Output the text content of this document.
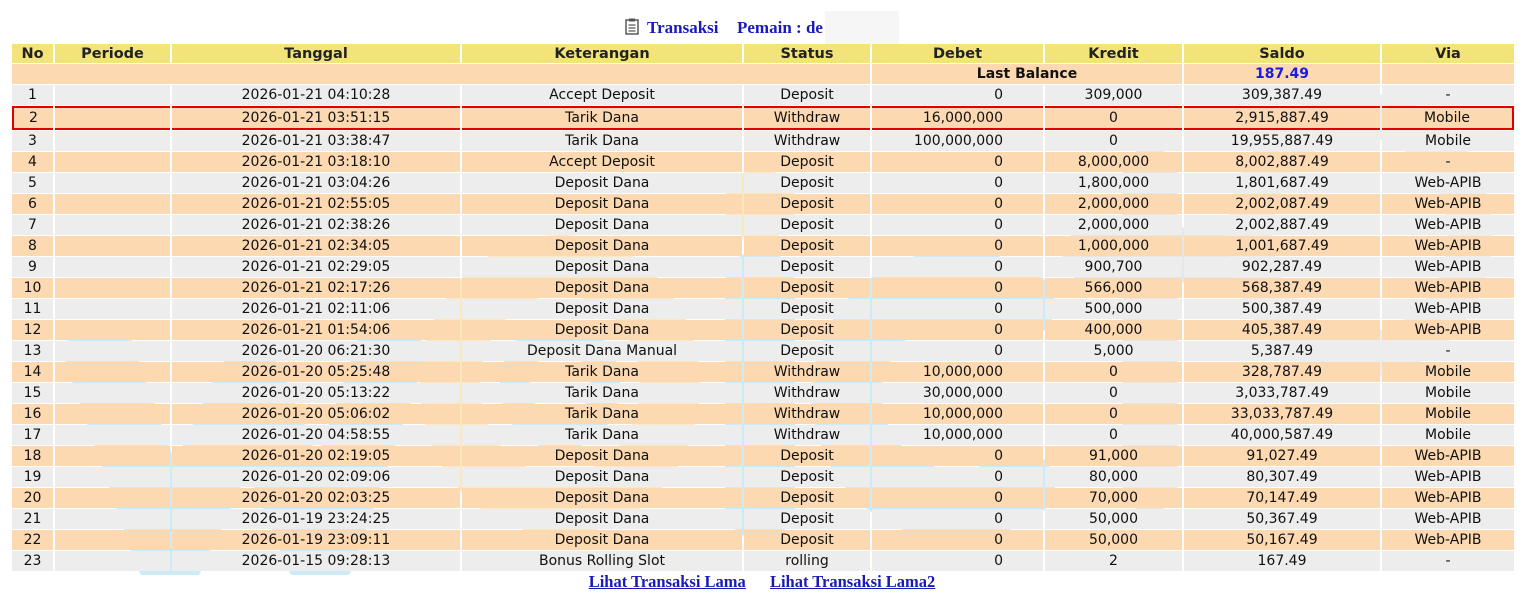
Transaksi Pemain : de
No	Periode	Tanggal	Keterangan	Status	Debet	Kredit	Saldo	Via
					Last Balance		187.49	
1		2026-01-21 04:10:28	Accept Deposit	Deposit	0	309,000	309,387.49	-
2		2026-01-21 03:51:15	Tarik Dana	Withdraw	16,000,000	0	2,915,887.49	Mobile
3		2026-01-21 03:38:47	Tarik Dana	Withdraw	100,000,000	0	19,955,887.49	Mobile
4		2026-01-21 03:18:10	Accept Deposit	Deposit	0	8,000,000	8,002,887.49	-
5		2026-01-21 03:04:26	Deposit Dana	Deposit	0	1,800,000	1,801,687.49	Web-APIB
6		2026-01-21 02:55:05	Deposit Dana	Deposit	0	2,000,000	2,002,087.49	Web-APIB
7		2026-01-21 02:38:26	Deposit Dana	Deposit	0	2,000,000	2,002,887.49	Web-APIB
8		2026-01-21 02:34:05	Deposit Dana	Deposit	0	1,000,000	1,001,687.49	Web-APIB
9		2026-01-21 02:29:05	Deposit Dana	Deposit	0	900,700	902,287.49	Web-APIB
10		2026-01-21 02:17:26	Deposit Dana	Deposit	0	566,000	568,387.49	Web-APIB
11		2026-01-21 02:11:06	Deposit Dana	Deposit	0	500,000	500,387.49	Web-APIB
12		2026-01-21 01:54:06	Deposit Dana	Deposit	0	400,000	405,387.49	Web-APIB
13		2026-01-20 06:21:30	Deposit Dana Manual	Deposit	0	5,000	5,387.49	-
14		2026-01-20 05:25:48	Tarik Dana	Withdraw	10,000,000	0	328,787.49	Mobile
15		2026-01-20 05:13:22	Tarik Dana	Withdraw	30,000,000	0	3,033,787.49	Mobile
16		2026-01-20 05:06:02	Tarik Dana	Withdraw	10,000,000	0	33,033,787.49	Mobile
17		2026-01-20 04:58:55	Tarik Dana	Withdraw	10,000,000	0	40,000,587.49	Mobile
18		2026-01-20 02:19:05	Deposit Dana	Deposit	0	91,000	91,027.49	Web-APIB
19		2026-01-20 02:09:06	Deposit Dana	Deposit	0	80,000	80,307.49	Web-APIB
20		2026-01-20 02:03:25	Deposit Dana	Deposit	0	70,000	70,147.49	Web-APIB
21		2026-01-19 23:24:25	Deposit Dana	Deposit	0	50,000	50,367.49	Web-APIB
22		2026-01-19 23:09:11	Deposit Dana	Deposit	0	50,000	50,167.49	Web-APIB
23		2026-01-15 09:28:13	Bonus Rolling Slot	rolling	0	2	167.49	-
Lihat Transaksi Lama Lihat Transaksi Lama2
